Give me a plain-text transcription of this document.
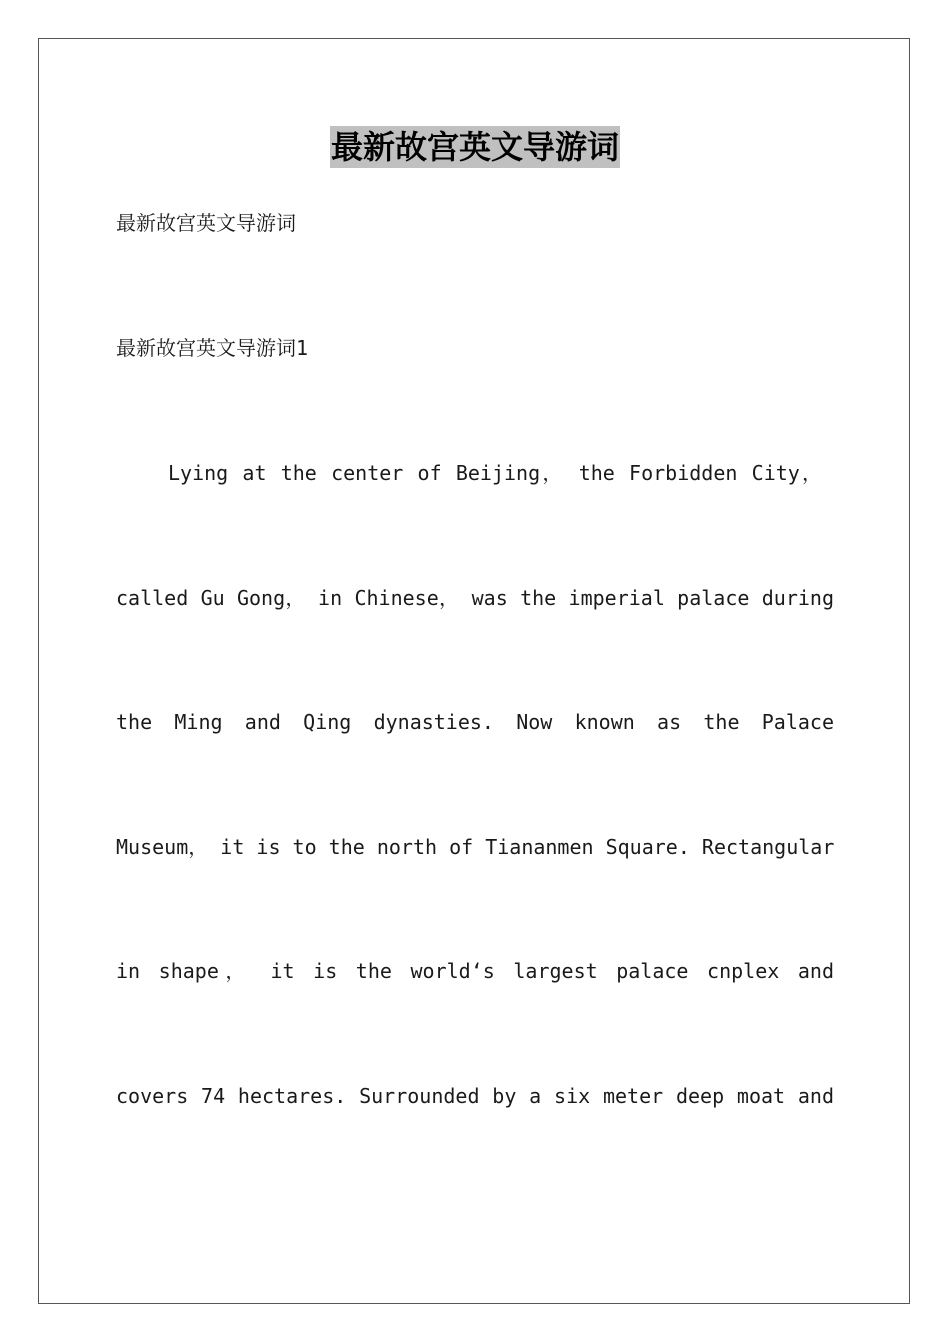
最新故宫英文导游词

最新故宫英文导游词

最新故宫英文导游词1

Lying at the center of Beijing， the Forbidden City，

called Gu Gong， in Chinese， was the imperial palace during

the Ming and Qing dynasties. Now known as the Palace

Museum， it is to the north of Tiananmen Square. Rectangular

in shape， it is the world‘s largest palace cnplex and

covers 74 hectares. Surrounded by a six meter deep moat and
